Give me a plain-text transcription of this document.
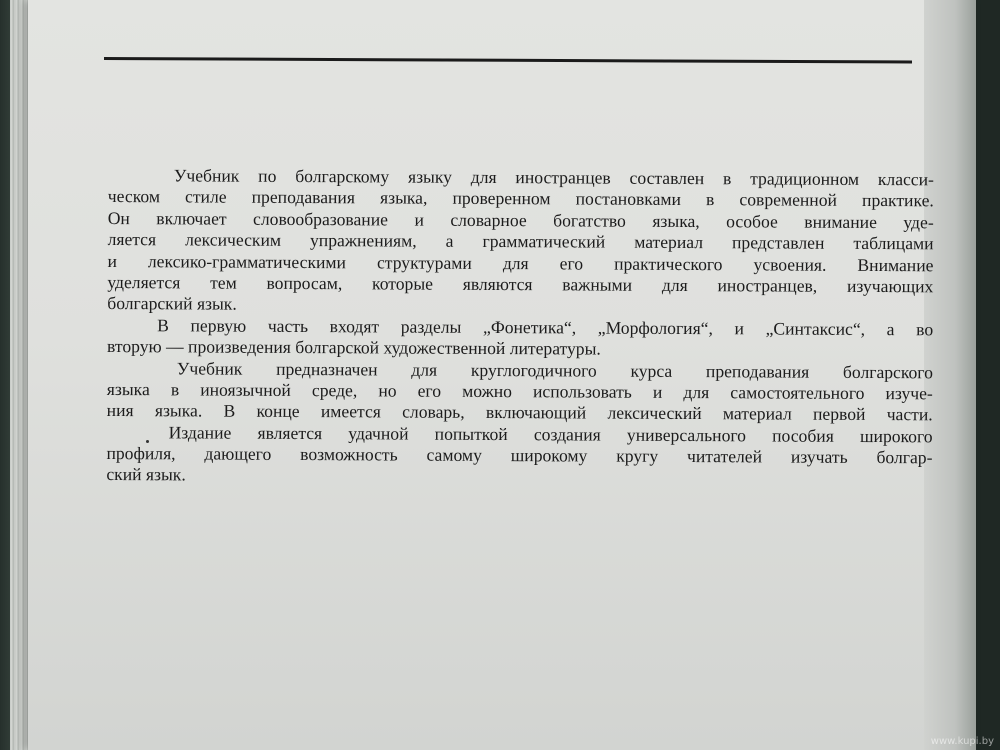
Учебник по болгарскому языку для иностранцев составлен в традиционном класси-
ческом стиле преподавания языка, проверенном постановками в современной практике.
Он включает словообразование и словарное богатство языка, особое внимание уде-
ляется лексическим упражнениям, а грамматический материал представлен таблицами
и лексико-грамматическими структурами для его практического усвоения. Внимание
уделяется тем вопросам, которые являются важными для иностранцев, изучающих
болгарский язык.
В первую часть входят разделы „Фонетика“, „Морфология“, и „Синтаксис“, а во
вторую — произведения болгарской художественной литературы.
Учебник предназначен для круглогодичного курса преподавания болгарского
языка в иноязычной среде, но его можно использовать и для самостоятельного изуче-
ния языка. В конце имеется словарь, включающий лексический материал первой части.
Издание является удачной попыткой создания универсального пособия широкого
профиля, дающего возможность самому широкому кругу читателей изучать болгар-
ский язык.
www.kupi.by
